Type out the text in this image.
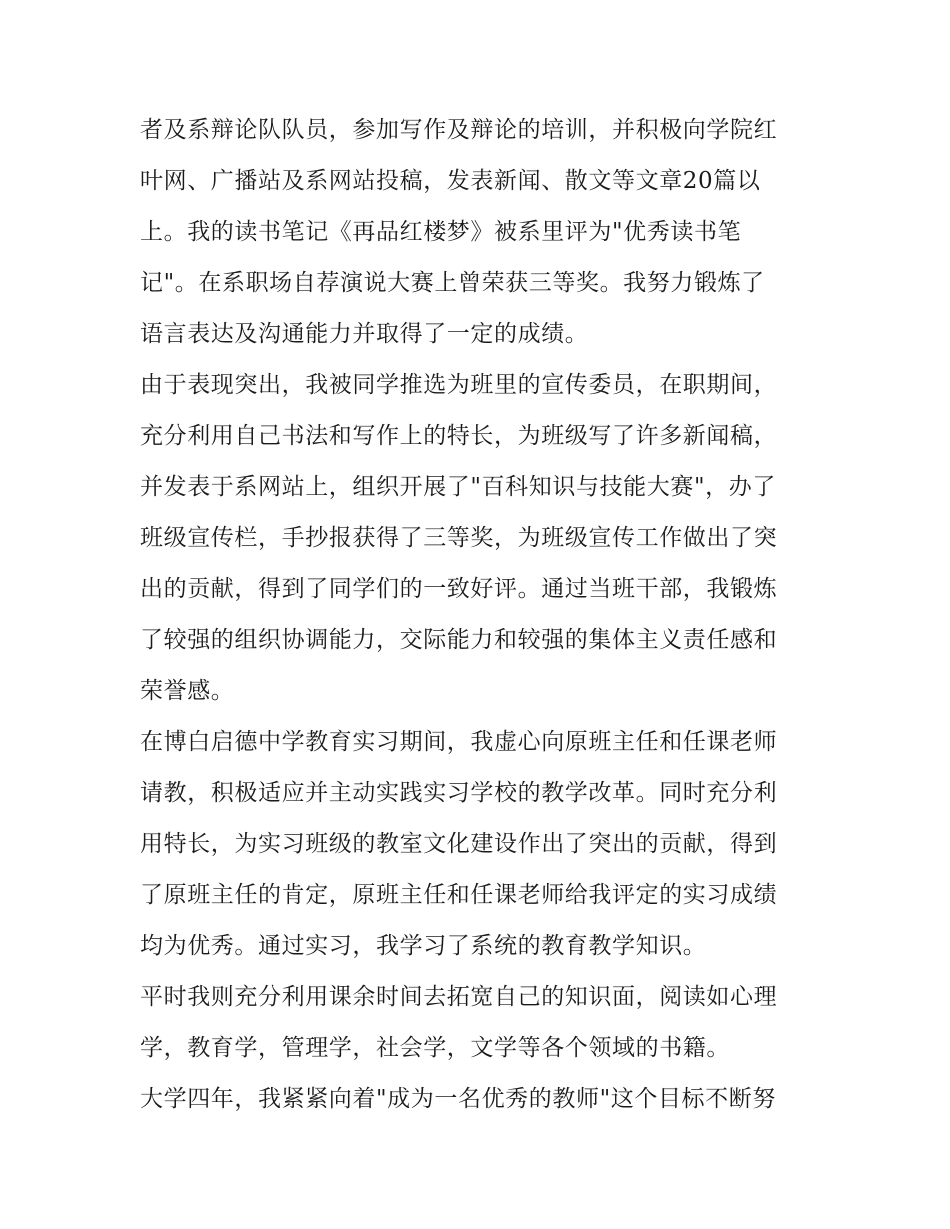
者及系辩论队队员，参加写作及辩论的培训，并积极向学院红
叶网、广播站及系网站投稿，发表新闻、散文等文章20篇以
上。我的读书笔记《再品红楼梦》被系里评为"优秀读书笔
记"。在系职场自荐演说大赛上曾荣获三等奖。我努力锻炼了
语言表达及沟通能力并取得了一定的成绩。
由于表现突出，我被同学推选为班里的宣传委员，在职期间，
充分利用自己书法和写作上的特长，为班级写了许多新闻稿，
并发表于系网站上，组织开展了"百科知识与技能大赛"，办了
班级宣传栏，手抄报获得了三等奖，为班级宣传工作做出了突
出的贡献，得到了同学们的一致好评。通过当班干部，我锻炼
了较强的组织协调能力，交际能力和较强的集体主义责任感和
荣誉感。
在博白启德中学教育实习期间，我虚心向原班主任和任课老师
请教，积极适应并主动实践实习学校的教学改革。同时充分利
用特长，为实习班级的教室文化建设作出了突出的贡献，得到
了原班主任的肯定，原班主任和任课老师给我评定的实习成绩
均为优秀。通过实习，我学习了系统的教育教学知识。
平时我则充分利用课余时间去拓宽自己的知识面，阅读如心理
学，教育学，管理学，社会学，文学等各个领域的书籍。
大学四年，我紧紧向着"成为一名优秀的教师"这个目标不断努
